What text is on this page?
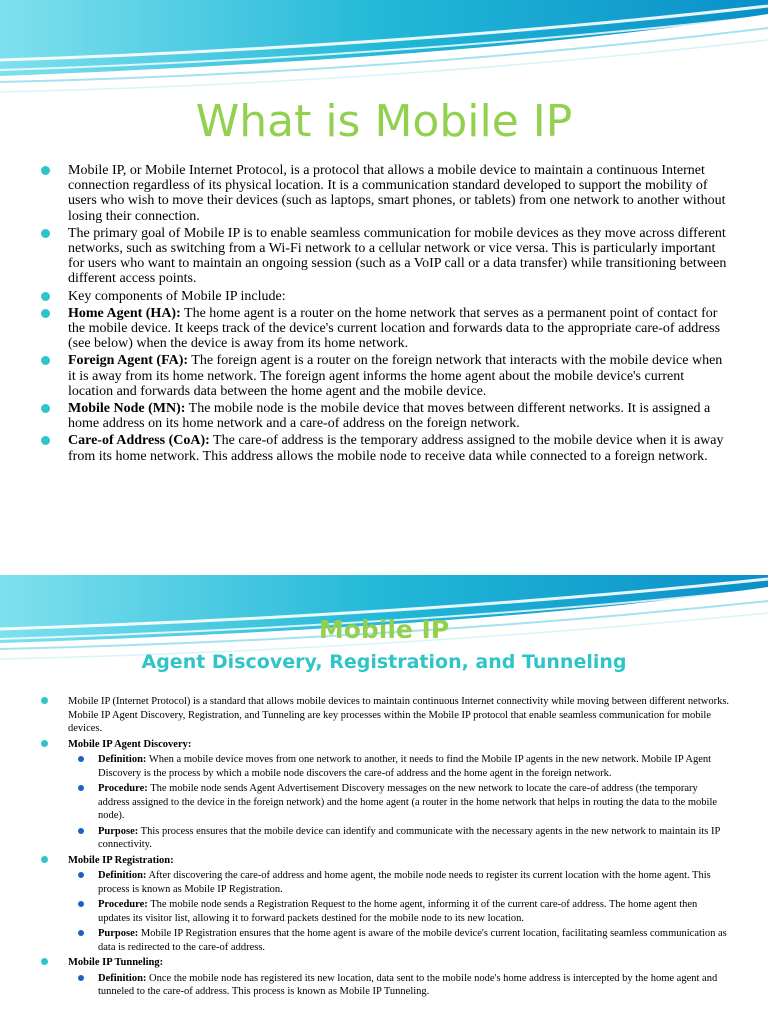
What is Mobile IP
Mobile IP, or Mobile Internet Protocol, is a protocol that allows a mobile device to maintain a continuous Internet connection regardless of its physical location. It is a communication standard developed to support the mobility of users who wish to move their devices (such as laptops, smart phones, or tablets) from one network to another without losing their connection.
The primary goal of Mobile IP is to enable seamless communication for mobile devices as they move across different networks, such as switching from a Wi-Fi network to a cellular network or vice versa. This is particularly important for users who want to maintain an ongoing session (such as a VoIP call or a data transfer) while transitioning between different access points.
Key components of Mobile IP include:
Home Agent (HA): The home agent is a router on the home network that serves as a permanent point of contact for the mobile device. It keeps track of the device's current location and forwards data to the appropriate care-of address (see below) when the device is away from its home network.
Foreign Agent (FA): The foreign agent is a router on the foreign network that interacts with the mobile device when it is away from its home network. The foreign agent informs the home agent about the mobile device's current location and forwards data between the home agent and the mobile device.
Mobile Node (MN): The mobile node is the mobile device that moves between different networks. It is assigned a home address on its home network and a care-of address on the foreign network.
Care-of Address (CoA): The care-of address is the temporary address assigned to the mobile device when it is away from its home network. This address allows the mobile node to receive data while connected to a foreign network.
Mobile IP
Agent Discovery, Registration, and Tunneling
Mobile IP (Internet Protocol) is a standard that allows mobile devices to maintain continuous Internet connectivity while moving between different networks. Mobile IP Agent Discovery, Registration, and Tunneling are key processes within the Mobile IP protocol that enable seamless communication for mobile devices.
Mobile IP Agent Discovery:
Definition: When a mobile device moves from one network to another, it needs to find the Mobile IP agents in the new network. Mobile IP Agent Discovery is the process by which a mobile node discovers the care-of address and the home agent in the foreign network.
Procedure: The mobile node sends Agent Advertisement Discovery messages on the new network to locate the care-of address (the temporary address assigned to the device in the foreign network) and the home agent (a router in the home network that helps in routing the data to the mobile node).
Purpose: This process ensures that the mobile device can identify and communicate with the necessary agents in the new network to maintain its IP connectivity.
Mobile IP Registration:
Definition: After discovering the care-of address and home agent, the mobile node needs to register its current location with the home agent. This process is known as Mobile IP Registration.
Procedure: The mobile node sends a Registration Request to the home agent, informing it of the current care-of address. The home agent then updates its visitor list, allowing it to forward packets destined for the mobile node to its new location.
Purpose: Mobile IP Registration ensures that the home agent is aware of the mobile device's current location, facilitating seamless communication as data is redirected to the care-of address.
Mobile IP Tunneling:
Definition: Once the mobile node has registered its new location, data sent to the mobile node's home address is intercepted by the home agent and tunneled to the care-of address. This process is known as Mobile IP Tunneling.
